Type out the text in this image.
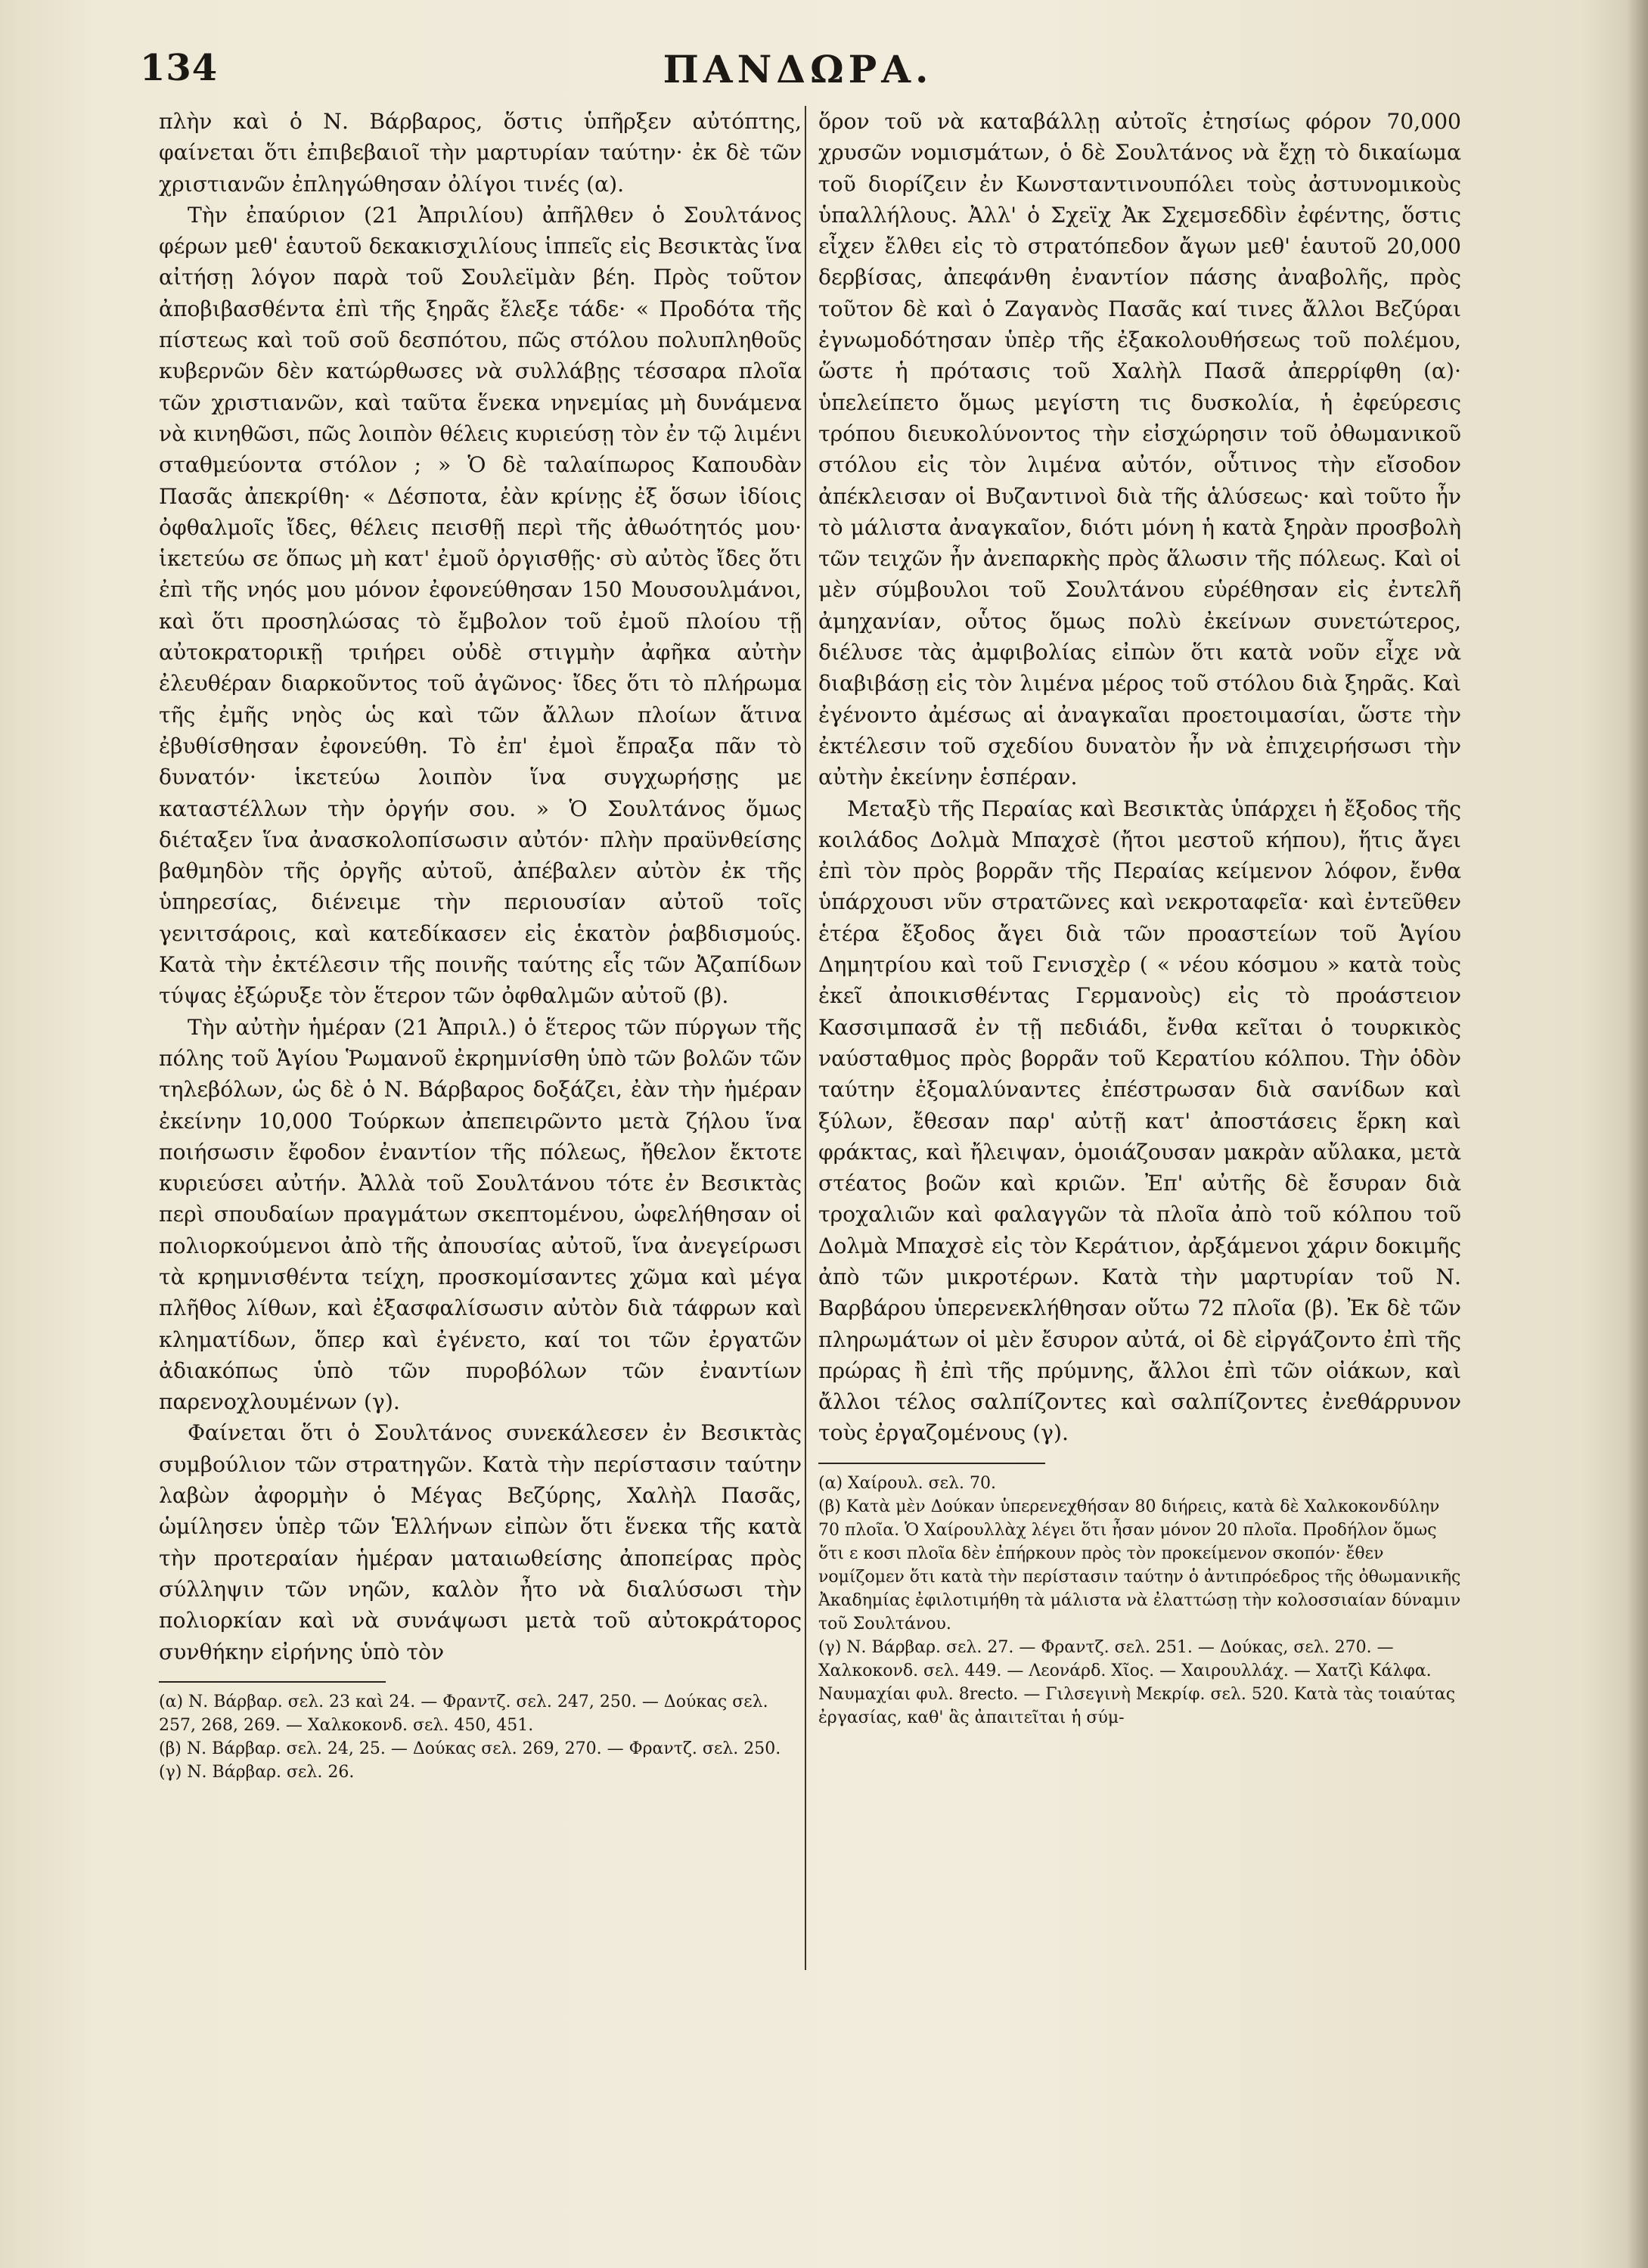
134	ΠΑΝΔΩΡΑ.

πλὴν καὶ ὁ Ν. Βάρβαρος, ὅστις ὑπῆρξεν αὐτόπτης, φαίνεται ὅτι ἐπιβεβαιοῖ τὴν μαρτυρίαν ταύτην· ἐκ δὲ τῶν χριστιανῶν ἐπληγώθησαν ὀλίγοι τινές (α).

Τὴν ἐπαύριον (21 Ἀπριλίου) ἀπῆλθεν ὁ Σουλτάνος φέρων μεθ' ἑαυτοῦ δεκακισχιλίους ἱππεῖς εἰς Βεσικτὰς ἵνα αἰτήσῃ λόγον παρὰ τοῦ Σουλεϊμὰν βέη. Πρὸς τοῦτον ἀποβιβασθέντα ἐπὶ τῆς ξηρᾶς ἔλεξε τάδε· « Προδότα τῆς πίστεως καὶ τοῦ σοῦ δεσπότου, πῶς στόλου πολυπληθοῦς κυβερνῶν δὲν κατώρθωσες νὰ συλλάβῃς τέσσαρα πλοῖα τῶν χριστιανῶν, καὶ ταῦτα ἕνεκα νηνεμίας μὴ δυνάμενα νὰ κινηθῶσι, πῶς λοιπὸν θέλεις κυριεύσῃ τὸν ἐν τῷ λιμένι σταθμεύοντα στόλον ; » Ὁ δὲ ταλαίπωρος Καπουδὰν Πασᾶς ἀπεκρίθη· « Δέσποτα, ἐὰν κρίνῃς ἐξ ὅσων ἰδίοις ὀφθαλμοῖς ἴδες, θέλεις πεισθῇ περὶ τῆς ἀθωότητός μου· ἱκετεύω σε ὅπως μὴ κατ' ἐμοῦ ὀργισθῇς· σὺ αὐτὸς ἴδες ὅτι ἐπὶ τῆς νηός μου μόνον ἐφονεύθησαν 150 Μουσουλμάνοι, καὶ ὅτι προσηλώσας τὸ ἔμβολον τοῦ ἐμοῦ πλοίου τῇ αὐτοκρατορικῇ τριήρει οὐδὲ στιγμὴν ἀφῆκα αὐτὴν ἐλευθέραν διαρκοῦντος τοῦ ἀγῶνος· ἴδες ὅτι τὸ πλήρωμα τῆς ἐμῆς νηὸς ὡς καὶ τῶν ἄλλων πλοίων ἅτινα ἐβυθίσθησαν ἐφονεύθη. Τὸ ἐπ' ἐμοὶ ἔπραξα πᾶν τὸ δυνατόν· ἱκετεύω λοιπὸν ἵνα συγχωρήσῃς με καταστέλλων τὴν ὀργήν σου. » Ὁ Σουλτάνος ὅμως διέταξεν ἵνα ἀνασκολοπίσωσιν αὐτόν· πλὴν πραϋνθείσης βαθμηδὸν τῆς ὀργῆς αὐτοῦ, ἀπέβαλεν αὐτὸν ἐκ τῆς ὑπηρεσίας, διένειμε τὴν περιουσίαν αὐτοῦ τοῖς γενιτσάροις, καὶ κατεδίκασεν εἰς ἑκατὸν ῥαβδισμούς. Κατὰ τὴν ἐκτέλεσιν τῆς ποινῆς ταύτης εἷς τῶν Ἀζαπίδων τύψας ἐξώρυξε τὸν ἕτερον τῶν ὀφθαλμῶν αὐτοῦ (β).

Τὴν αὐτὴν ἡμέραν (21 Ἀπριλ.) ὁ ἕτερος τῶν πύργων τῆς πόλης τοῦ Ἁγίου Ῥωμανοῦ ἐκρημνίσθη ὑπὸ τῶν βολῶν τῶν τηλεβόλων, ὡς δὲ ὁ Ν. Βάρβαρος δοξάζει, ἐὰν τὴν ἡμέραν ἐκείνην 10,000 Τούρκων ἀπεπειρῶντο μετὰ ζήλου ἵνα ποιήσωσιν ἔφοδον ἐναντίον τῆς πόλεως, ἤθελον ἔκτοτε κυριεύσει αὐτήν. Ἀλλὰ τοῦ Σουλτάνου τότε ἐν Βεσικτὰς περὶ σπουδαίων πραγμάτων σκεπτομένου, ὠφελήθησαν οἱ πολιορκούμενοι ἀπὸ τῆς ἀπουσίας αὐτοῦ, ἵνα ἀνεγείρωσι τὰ κρημνισθέντα τείχη, προσκομίσαντες χῶμα καὶ μέγα πλῆθος λίθων, καὶ ἐξασφαλίσωσιν αὐτὸν διὰ τάφρων καὶ κληματίδων, ὅπερ καὶ ἐγένετο, καί τοι τῶν ἐργατῶν ἀδιακόπως ὑπὸ τῶν πυροβόλων τῶν ἐναντίων παρενοχλουμένων (γ).

Φαίνεται ὅτι ὁ Σουλτάνος συνεκάλεσεν ἐν Βεσικτὰς συμβούλιον τῶν στρατηγῶν. Κατὰ τὴν περίστασιν ταύτην λαβὼν ἀφορμὴν ὁ Μέγας Βεζύρης, Χαλὴλ Πασᾶς, ὡμίλησεν ὑπὲρ τῶν Ἑλλήνων εἰπὼν ὅτι ἕνεκα τῆς κατὰ τὴν προτεραίαν ἡμέραν ματαιωθείσης ἀποπείρας πρὸς σύλληψιν τῶν νηῶν, καλὸν ἦτο νὰ διαλύσωσι τὴν πολιορκίαν καὶ νὰ συνάψωσι μετὰ τοῦ αὐτοκράτορος συνθήκην εἰρήνης ὑπὸ τὸν

(α) Ν. Βάρβαρ. σελ. 23 καὶ 24. — Φραντζ. σελ. 247, 250. — Δούκας σελ. 257, 268, 269. — Χαλκοκονδ. σελ. 450, 451.

(β) Ν. Βάρβαρ. σελ. 24, 25. — Δούκας σελ. 269, 270. — Φραντζ. σελ. 250.

(γ) Ν. Βάρβαρ. σελ. 26.

ὅρον τοῦ νὰ καταβάλλῃ αὐτοῖς ἐτησίως φόρον 70,000 χρυσῶν νομισμάτων, ὁ δὲ Σουλτάνος νὰ ἔχῃ τὸ δικαίωμα τοῦ διορίζειν ἐν Κωνσταντινουπόλει τοὺς ἀστυνομικοὺς ὑπαλλήλους. Ἀλλ' ὁ Σχεϊχ Ἀκ Σχεμσεδδὶν ἐφέντης, ὅστις εἶχεν ἔλθει εἰς τὸ στρατόπεδον ἄγων μεθ' ἑαυτοῦ 20,000 δερβίσας, ἀπεφάνθη ἐναντίον πάσης ἀναβολῆς, πρὸς τοῦτον δὲ καὶ ὁ Ζαγανὸς Πασᾶς καί τινες ἄλλοι Βεζύραι ἐγνωμοδότησαν ὑπὲρ τῆς ἐξακολουθήσεως τοῦ πολέμου, ὥστε ἡ πρότασις τοῦ Χαλὴλ Πασᾶ ἀπερρίφθη (α)· ὑπελείπετο ὅμως μεγίστη τις δυσκολία, ἡ ἐφεύρεσις τρόπου διευκολύνοντος τὴν εἰσχώρησιν τοῦ ὀθωμανικοῦ στόλου εἰς τὸν λιμένα αὐτόν, οὗτινος τὴν εἴσοδον ἀπέκλεισαν οἱ Βυζαντινοὶ διὰ τῆς ἁλύσεως· καὶ τοῦτο ἦν τὸ μάλιστα ἀναγκαῖον, διότι μόνη ἡ κατὰ ξηρὰν προσβολὴ τῶν τειχῶν ἦν ἀνεπαρκὴς πρὸς ἅλωσιν τῆς πόλεως. Καὶ οἱ μὲν σύμβουλοι τοῦ Σουλτάνου εὑρέθησαν εἰς ἐντελῆ ἀμηχανίαν, οὗτος ὅμως πολὺ ἐκείνων συνετώτερος, διέλυσε τὰς ἀμφιβολίας εἰπὼν ὅτι κατὰ νοῦν εἶχε νὰ διαβιβάσῃ εἰς τὸν λιμένα μέρος τοῦ στόλου διὰ ξηρᾶς. Καὶ ἐγένοντο ἀμέσως αἱ ἀναγκαῖαι προετοιμασίαι, ὥστε τὴν ἐκτέλεσιν τοῦ σχεδίου δυνατὸν ἦν νὰ ἐπιχειρήσωσι τὴν αὐτὴν ἐκείνην ἑσπέραν.

Μεταξὺ τῆς Περαίας καὶ Βεσικτὰς ὑπάρχει ἡ ἔξοδος τῆς κοιλάδος Δολμὰ Μπαχσὲ (ἤτοι μεστοῦ κήπου), ἥτις ἄγει ἐπὶ τὸν πρὸς βορρᾶν τῆς Περαίας κείμενον λόφον, ἔνθα ὑπάρχουσι νῦν στρατῶνες καὶ νεκροταφεῖα· καὶ ἐντεῦθεν ἑτέρα ἔξοδος ἄγει διὰ τῶν προαστείων τοῦ Ἁγίου Δημητρίου καὶ τοῦ Γενισχὲρ ( « νέου κόσμου » κατὰ τοὺς ἐκεῖ ἀποικισθέντας Γερμανοὺς) εἰς τὸ προάστειον Κασσιμπασᾶ ἐν τῇ πεδιάδι, ἔνθα κεῖται ὁ τουρκικὸς ναύσταθμος πρὸς βορρᾶν τοῦ Κερατίου κόλπου. Τὴν ὁδὸν ταύτην ἐξομαλύναντες ἐπέστρωσαν διὰ σανίδων καὶ ξύλων, ἔθεσαν παρ' αὐτῇ κατ' ἀποστάσεις ἕρκη καὶ φράκτας, καὶ ἤλειψαν, ὁμοιάζουσαν μακρὰν αὔλακα, μετὰ στέατος βοῶν καὶ κριῶν. Ἐπ' αὐτῆς δὲ ἔσυραν διὰ τροχαλιῶν καὶ φαλαγγῶν τὰ πλοῖα ἀπὸ τοῦ κόλπου τοῦ Δολμὰ Μπαχσὲ εἰς τὸν Κεράτιον, ἀρξάμενοι χάριν δοκιμῆς ἀπὸ τῶν μικροτέρων. Κατὰ τὴν μαρτυρίαν τοῦ Ν. Βαρβάρου ὑπερενεκλήθησαν οὕτω 72 πλοῖα (β). Ἐκ δὲ τῶν πληρωμάτων οἱ μὲν ἔσυρον αὐτά, οἱ δὲ εἰργάζοντο ἐπὶ τῆς πρώρας ἢ ἐπὶ τῆς πρύμνης, ἄλλοι ἐπὶ τῶν οἰάκων, καὶ ἄλλοι τέλος σαλπίζοντες καὶ σαλπίζοντες ἐνεθάρρυνον τοὺς ἐργαζομένους (γ).

(α) Χαίρουλ. σελ. 70.

(β) Κατὰ μὲν Δούκαν ὑπερενεχθήσαν 80 διήρεις, κατὰ δὲ Χαλκοκονδύλην 70 πλοῖα. Ὁ Χαίρουλλὰχ λέγει ὅτι ἦσαν μόνον 20 πλοῖα. Προδήλον ὅμως ὅτι ε κοσι πλοῖα δὲν ἐπήρκουν πρὸς τὸν προκείμενον σκοπόν· ἔθεν νομίζομεν ὅτι κατὰ τὴν περίστασιν ταύτην ὁ ἀντιπρόεδρος τῆς ὀθωμανικῆς Ἀκαδημίας ἐφιλοτιμήθη τὰ μάλιστα νὰ ἐλαττώσῃ τὴν κολοσσιαίαν δύναμιν τοῦ Σουλτάνου.

(γ) Ν. Βάρβαρ. σελ. 27. — Φραντζ. σελ. 251. — Δούκας, σελ. 270. — Χαλκοκονδ. σελ. 449. — Λεονάρδ. Χῖος. — Χαιρουλλάχ. — Χατζὶ Κάλφα. Ναυμαχίαι φυλ. 8recto. — Γιλσεγινὴ Μεκρίφ. σελ. 520. Κατὰ τὰς τοιαύτας ἐργασίας, καθ' ἃς ἀπαιτεῖται ἡ σύμ-
